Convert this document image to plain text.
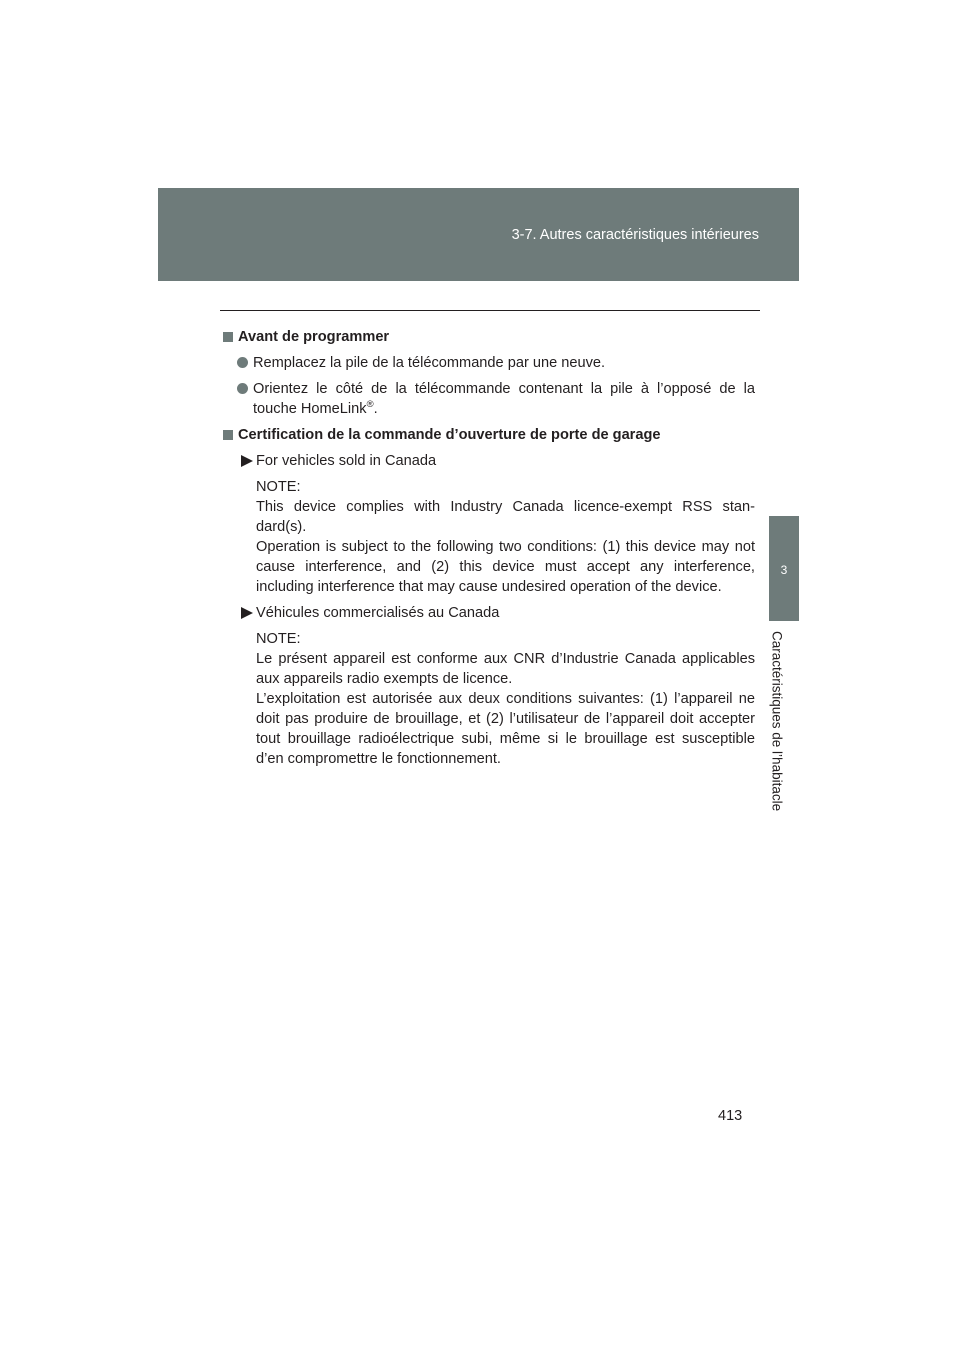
3-7. Autres caractéristiques intérieures
3
Caractéristiques de l’habitacle
Avant de programmer
Remplacez la pile de la télécommande par une neuve.
Orientez le côté de la télécommande contenant la pile à l’opposé de la touche HomeLink®.
Certification de la commande d’ouverture de porte de garage
For vehicles sold in Canada

NOTE:

This device complies with Industry Canada licence-exempt RSS stan-dard(s).

Operation is subject to the following two conditions: (1) this device may not cause interference, and (2) this device must accept any interference, including interference that may cause undesired operation of the device.

Véhicules commercialisés au Canada

NOTE:

Le présent appareil est conforme aux CNR d’Industrie Canada applicables aux appareils radio exempts de licence.

L’exploitation est autorisée aux deux conditions suivantes: (1) l’appareil ne doit pas produire de brouillage, et (2) l’utilisateur de l’appareil doit accepter tout brouillage radioélectrique subi, même si le brouillage est susceptible d’en compromettre le fonctionnement.

413
